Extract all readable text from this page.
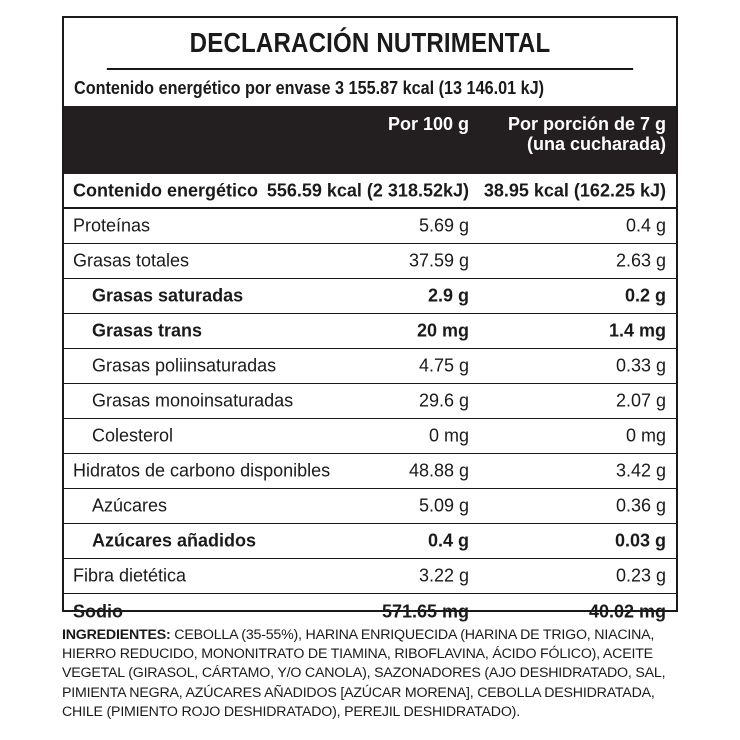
DECLARACIÓN NUTRIMENTAL
Contenido energético por envase 3 155.87 kcal (13 146.01 kJ)
Por 100 g Por porción de 7 g
(una cucharada)
Contenido energético 556.59 kcal (2 318.52kJ) 38.95 kcal (162.25 kJ)
Proteínas	5.69 g	0.4 g
Grasas totales	37.59 g	2.63 g
Grasas saturadas	2.9 g	0.2 g
Grasas trans	20 mg	1.4 mg
Grasas poliinsaturadas	4.75 g	0.33 g
Grasas monoinsaturadas	29.6 g	2.07 g
Colesterol	0 mg	0 mg
Hidratos de carbono disponibles	48.88 g	3.42 g
Azúcares	5.09 g	0.36 g
Azúcares añadidos	0.4 g	0.03 g
Fibra dietética	3.22 g	0.23 g
Sodio	571.65 mg	40.02 mg
INGREDIENTES: CEBOLLA (35-55%), HARINA ENRIQUECIDA (HARINA DE TRIGO, NIACINA, HIERRO REDUCIDO, MONONITRATO DE TIAMINA, RIBOFLAVINA, ÁCIDO FÓLICO), ACEITE VEGETAL (GIRASOL, CÁRTAMO, Y/O CANOLA), SAZONADORES (AJO DESHIDRATADO, SAL, PIMIENTA NEGRA, AZÚCARES AÑADIDOS [AZÚCAR MORENA], CEBOLLA DESHIDRATADA, CHILE (PIMIENTO ROJO DESHIDRATADO), PEREJIL DESHIDRATADO).
